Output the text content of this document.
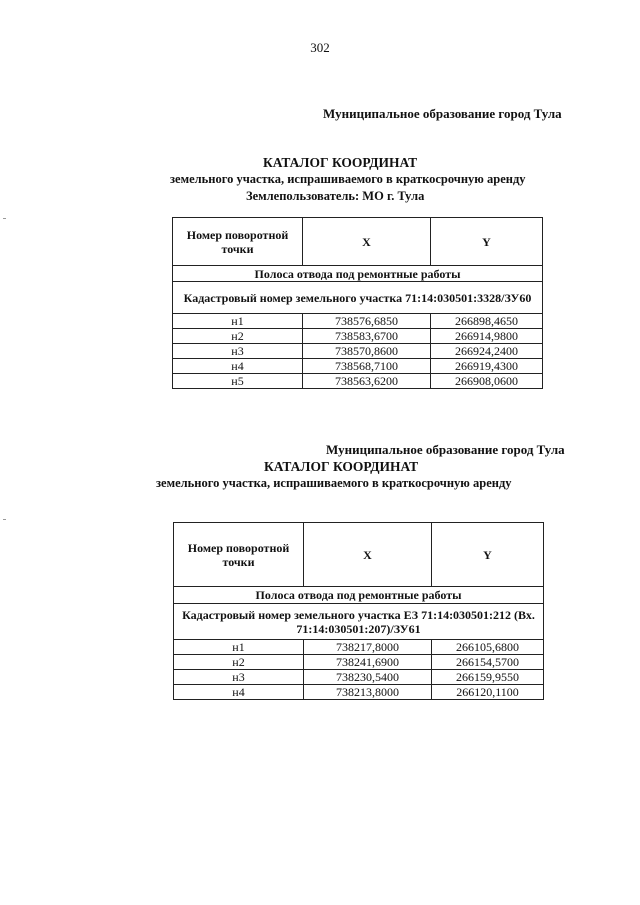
302
Муниципальное образование город Тула
КАТАЛОГ КООРДИНАТ
земельного участка, испрашиваемого в краткосрочную аренду
Землепользователь: МО г. Тула
Номер поворотной точки	X	Y
Полоса отвода под ремонтные работы		
Кадастровый номер земельного участка 71:14:030501:3328/ЗУ60		
н1	738576,6850	266898,4650
н2	738583,6700	266914,9800
н3	738570,8600	266924,2400
н4	738568,7100	266919,4300
н5	738563,6200	266908,0600
Муниципальное образование город Тула
КАТАЛОГ КООРДИНАТ
земельного участка, испрашиваемого в краткосрочную аренду
Номер поворотной точки	X	Y
Полоса отвода под ремонтные работы		
Кадастровый номер земельного участка ЕЗ 71:14:030501:212 (Вх. 71:14:030501:207)/ЗУ61		
н1	738217,8000	266105,6800
н2	738241,6900	266154,5700
н3	738230,5400	266159,9550
н4	738213,8000	266120,1100
